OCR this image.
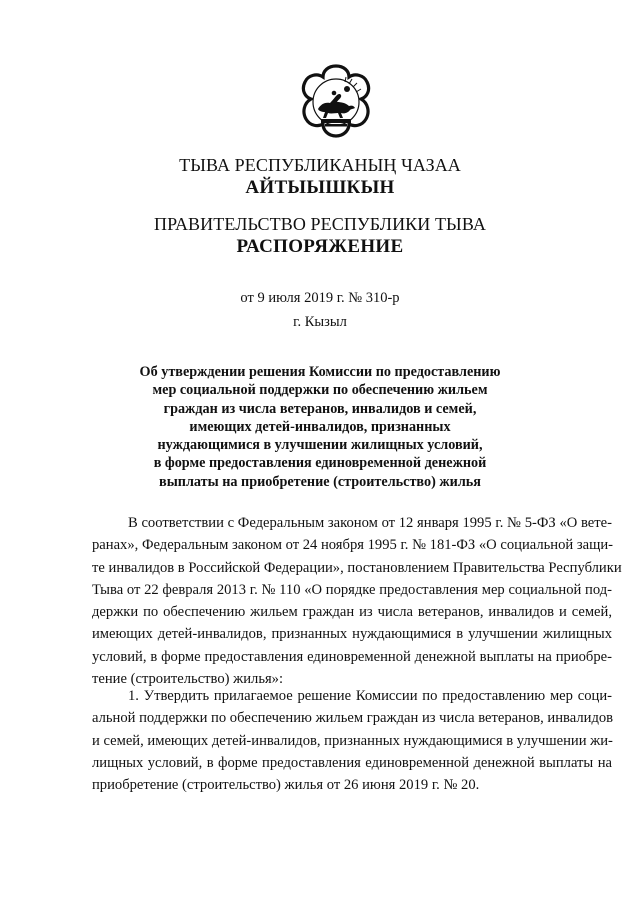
ТЫВА РЕСПУБЛИКАНЫҢ ЧАЗАА
АЙТЫЫШКЫН
ПРАВИТЕЛЬСТВО РЕСПУБЛИКИ ТЫВА
РАСПОРЯЖЕНИЕ
от 9 июля 2019 г. № 310-р
г. Кызыл
Об утверждении решения Комиссии по предоставлению
мер социальной поддержки по обеспечению жильем
граждан из числа ветеранов, инвалидов и семей,
имеющих детей-инвалидов, признанных
нуждающимися в улучшении жилищных условий,
в форме предоставления единовременной денежной
выплаты на приобретение (строительство) жилья
В соответствии с Федеральным законом от 12 января 1995 г. № 5-ФЗ «О вете-
ранах», Федеральным законом от 24 ноября 1995 г. № 181-ФЗ «О социальной защи-
те инвалидов в Российской Федерации», постановлением Правительства Республики
Тыва от 22 февраля 2013 г. № 110 «О порядке предоставления мер социальной под-
держки по обеспечению жильем граждан из числа ветеранов, инвалидов и семей,
имеющих детей-инвалидов, признанных нуждающимися в улучшении жилищных
условий, в форме предоставления единовременной денежной выплаты на приобре-
тение (строительство) жилья»:
1. Утвердить прилагаемое решение Комиссии по предоставлению мер соци-
альной поддержки по обеспечению жильем граждан из числа ветеранов, инвалидов
и семей, имеющих детей-инвалидов, признанных нуждающимися в улучшении жи-
лищных условий, в форме предоставления единовременной денежной выплаты на
приобретение (строительство) жилья от 26 июня 2019 г. № 20.
